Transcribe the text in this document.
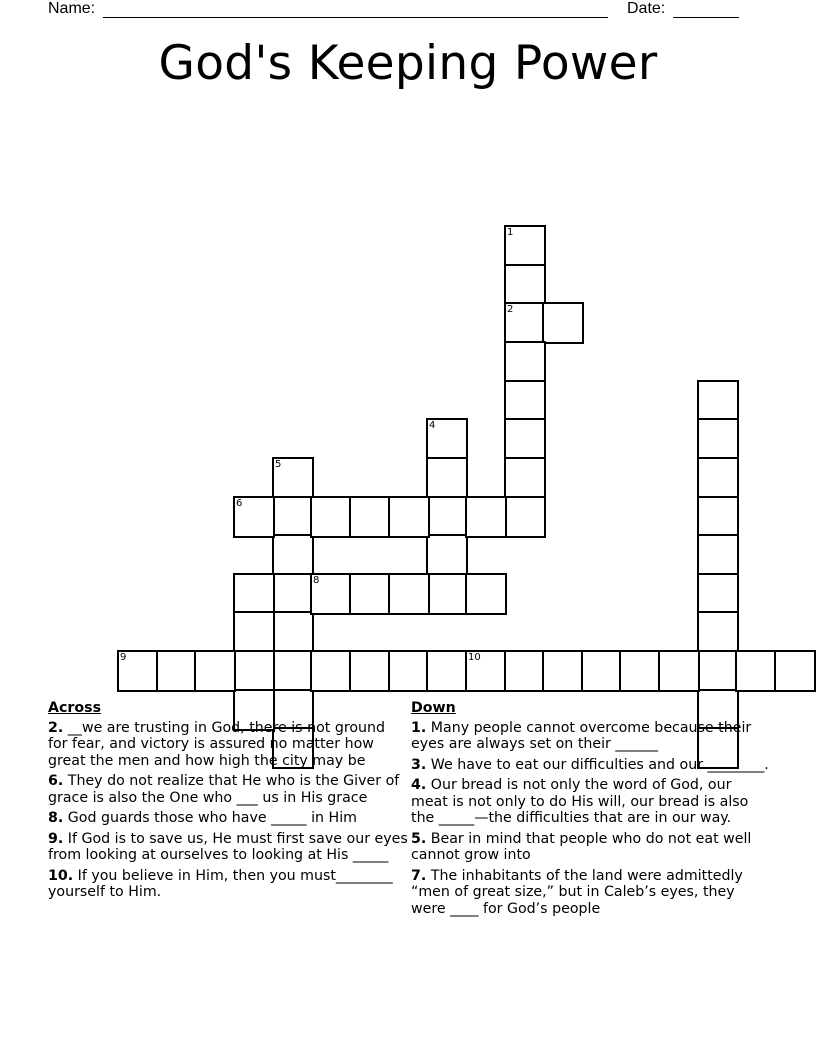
Name:	Date:
God's Keeping Power
1
2
4
5
6
8
9	10
Across
2. __we are trusting in God, there is not ground for fear, and victory is assured no matter how great the men and how high the city may be
6. They do not realize that He who is the Giver of grace is also the One who ___ us in His grace
8. God guards those who have _____ in Him
9. If God is to save us, He must first save our eyes from looking at ourselves to looking at His _____
10. If you believe in Him, then you must________ yourself to Him.
Down
1. Many people cannot overcome because their eyes are always set on their ______
3. We have to eat our difficulties and our ________.
4. Our bread is not only the word of God, our meat is not only to do His will, our bread is also the _____—the difficulties that are in our way.
5. Bear in mind that people who do not eat well cannot grow into
7. The inhabitants of the land were admittedly “men of great size,” but in Caleb’s eyes, they were ____ for God’s people
